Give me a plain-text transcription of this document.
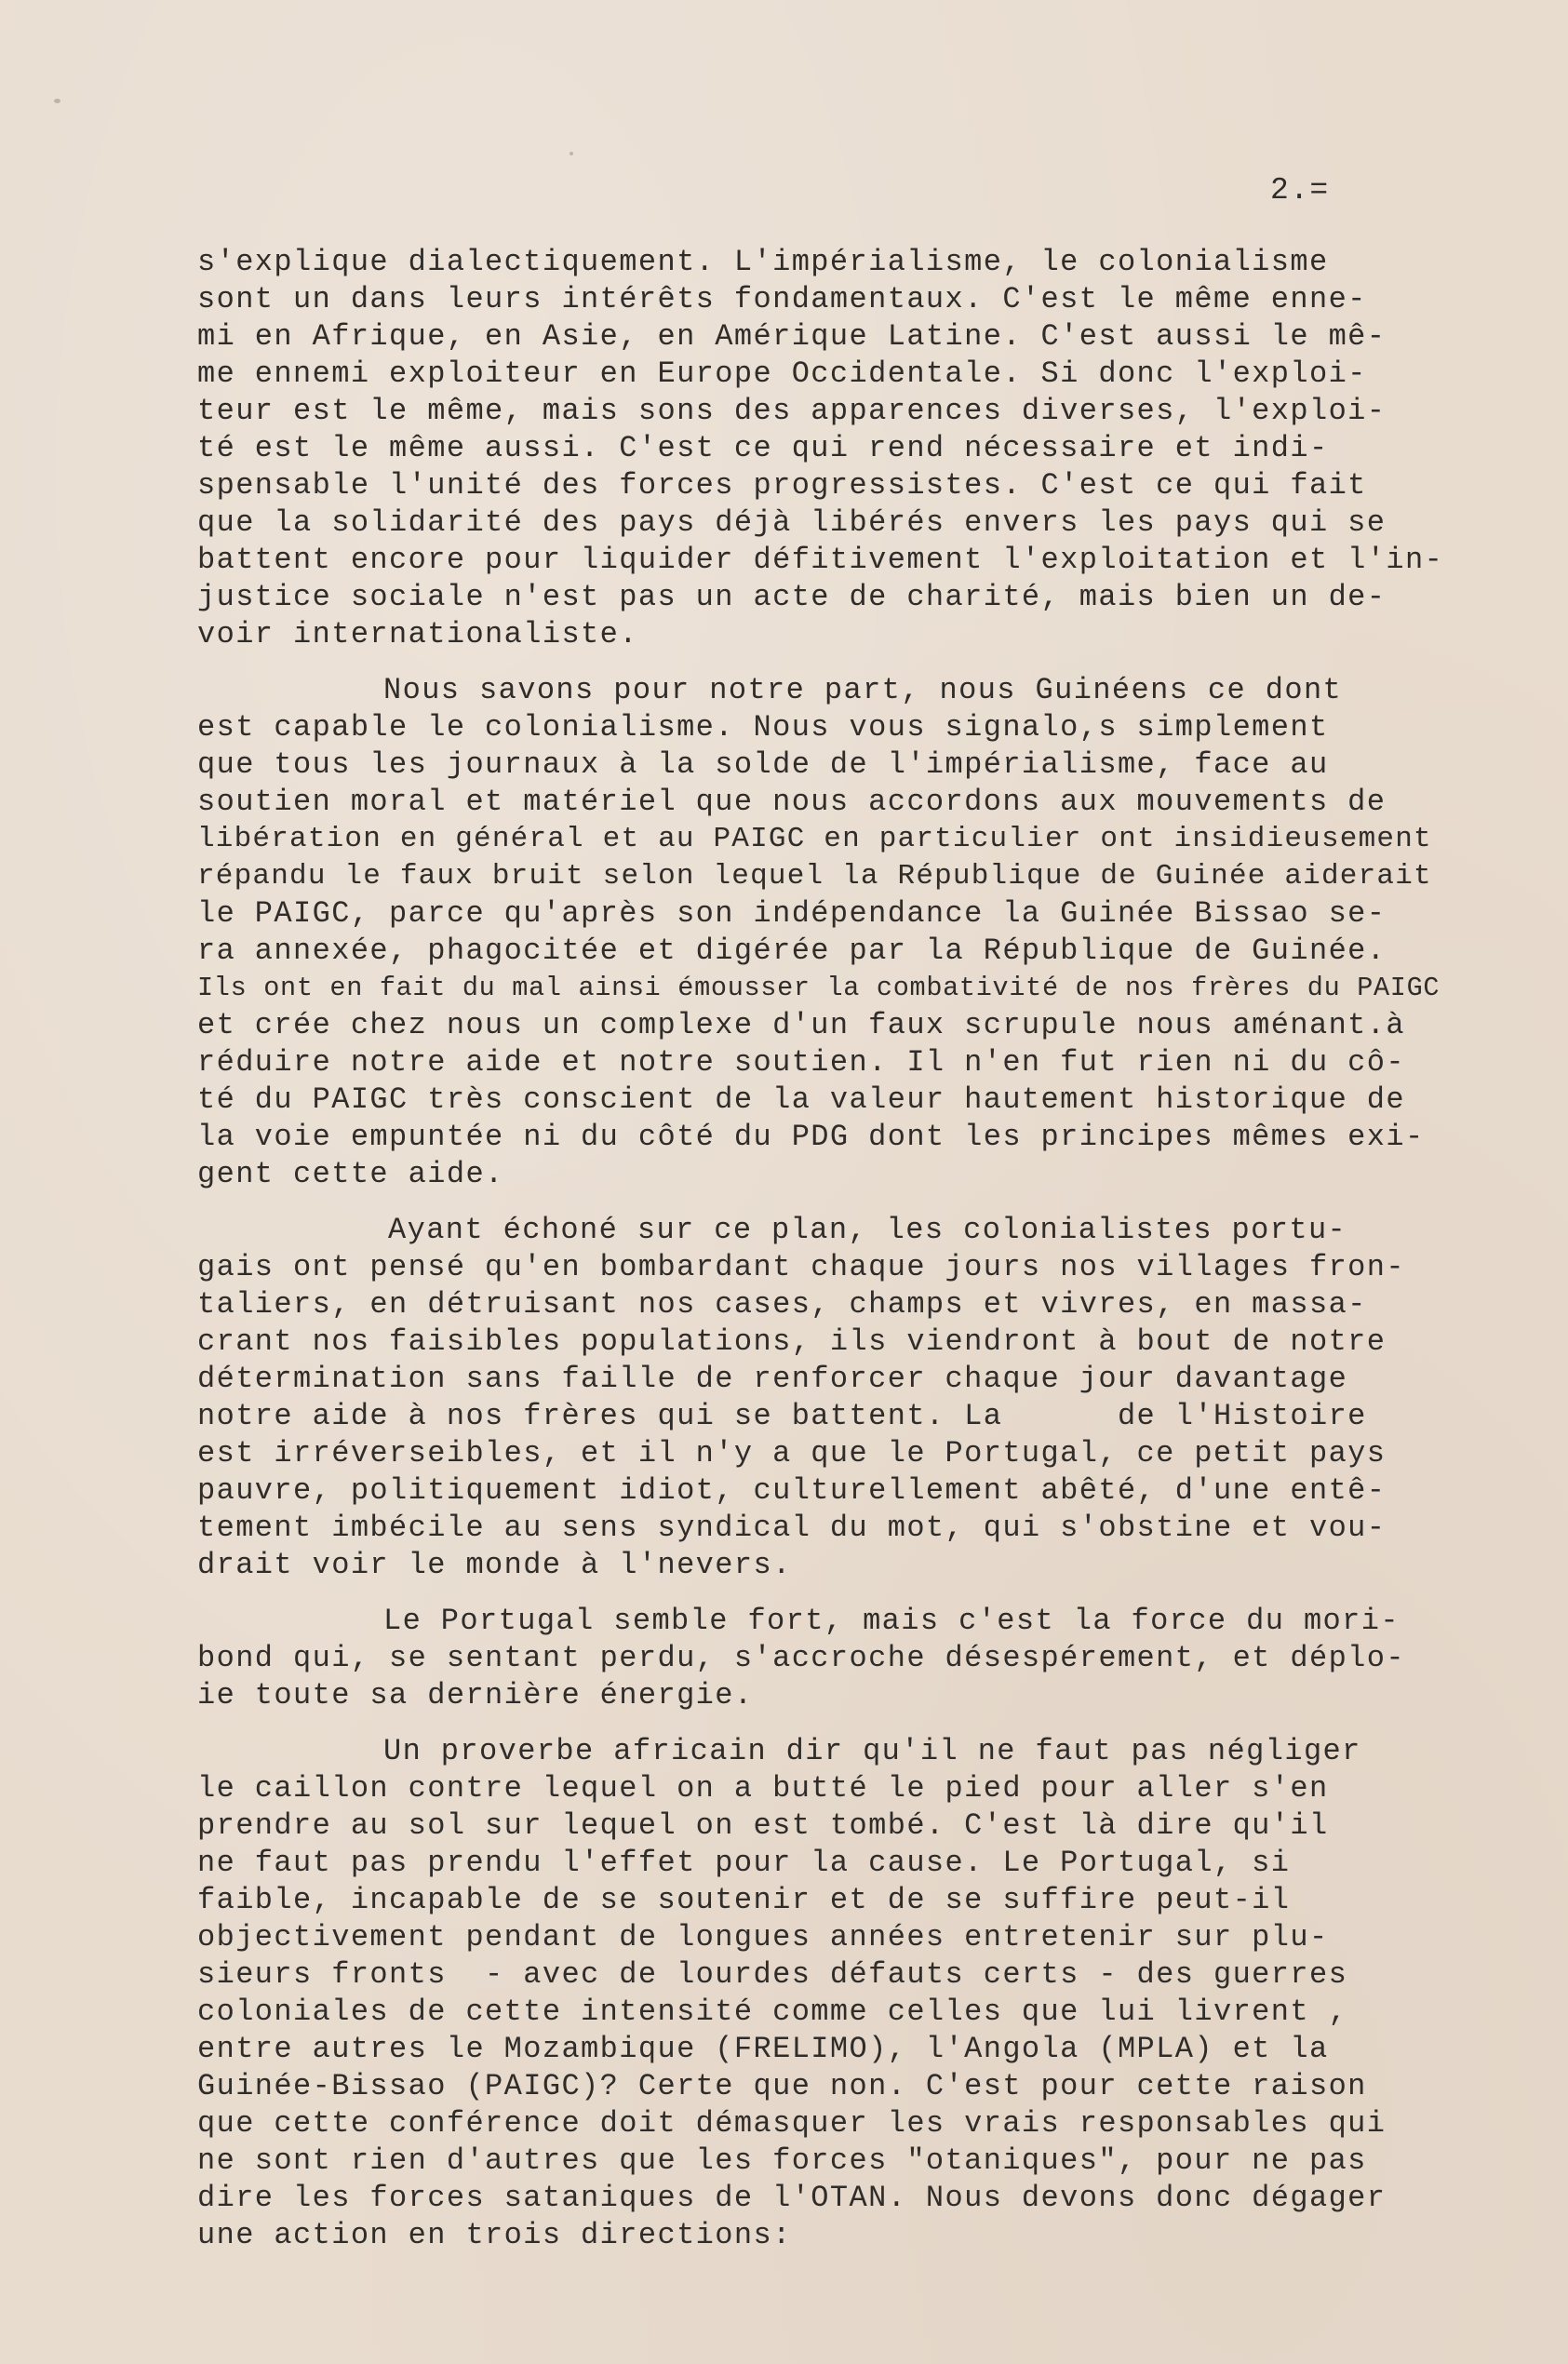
2.=
s'explique dialectiquement. L'impérialisme, le colonialisme
sont un dans leurs intérêts fondamentaux. C'est le même enne-
mi en Afrique, en Asie, en Amérique Latine. C'est aussi le mê-
me ennemi exploiteur en Europe Occidentale. Si donc l'exploi-
teur est le même, mais sons des apparences diverses, l'exploi-
té est le même aussi. C'est ce qui rend nécessaire et indi-
spensable l'unité des forces progressistes. C'est ce qui fait
que la solidarité des pays déjà libérés envers les pays qui se
battent encore pour liquider défitivement l'exploitation et l'in-
justice sociale n'est pas un acte de charité, mais bien un de-
voir internationaliste.
Nous savons pour notre part, nous Guinéens ce dont
est capable le colonialisme. Nous vous signalo,s simplement
que tous les journaux à la solde de l'impérialisme, face au
soutien moral et matériel que nous accordons aux mouvements de
libération en général et au PAIGC en particulier ont insidieusement
répandu le faux bruit selon lequel la République de Guinée aiderait
le PAIGC, parce qu'après son indépendance la Guinée Bissao se-
ra annexée, phagocitée et digérée par la République de Guinée.
Ils ont en fait du mal ainsi émousser la combativité de nos frères du PAIGC
et crée chez nous un complexe d'un faux scrupule nous aménant.à
réduire notre aide et notre soutien. Il n'en fut rien ni du cô-
té du PAIGC très conscient de la valeur hautement historique de
la voie empuntée ni du côté du PDG dont les principes mêmes exi-
gent cette aide.
Ayant échoné sur ce plan, les colonialistes portu-
gais ont pensé qu'en bombardant chaque jours nos villages fron-
taliers, en détruisant nos cases, champs et vivres, en massa-
crant nos faisibles populations, ils viendront à bout de notre
détermination sans faille de renforcer chaque jour davantage
notre aide à nos frères qui se battent. La      de l'Histoire
est irréverseibles, et il n'y a que le Portugal, ce petit pays
pauvre, politiquement idiot, culturellement abêté, d'une entê-
tement imbécile au sens syndical du mot, qui s'obstine et vou-
drait voir le monde à l'nevers.
Le Portugal semble fort, mais c'est la force du mori-
bond qui, se sentant perdu, s'accroche désespérement, et déplo-
ie toute sa dernière énergie.
Un proverbe africain dir qu'il ne faut pas négliger
le caillon contre lequel on a butté le pied pour aller s'en
prendre au sol sur lequel on est tombé. C'est là dire qu'il
ne faut pas prendu l'effet pour la cause. Le Portugal, si
faible, incapable de se soutenir et de se suffire peut-il
objectivement pendant de longues années entretenir sur plu-
sieurs fronts  - avec de lourdes défauts certs - des guerres
coloniales de cette intensité comme celles que lui livrent ,
entre autres le Mozambique (FRELIMO), l'Angola (MPLA) et la
Guinée-Bissao (PAIGC)? Certe que non. C'est pour cette raison
que cette conférence doit démasquer les vrais responsables qui
ne sont rien d'autres que les forces "otaniques", pour ne pas
dire les forces sataniques de l'OTAN. Nous devons donc dégager
une action en trois directions:
